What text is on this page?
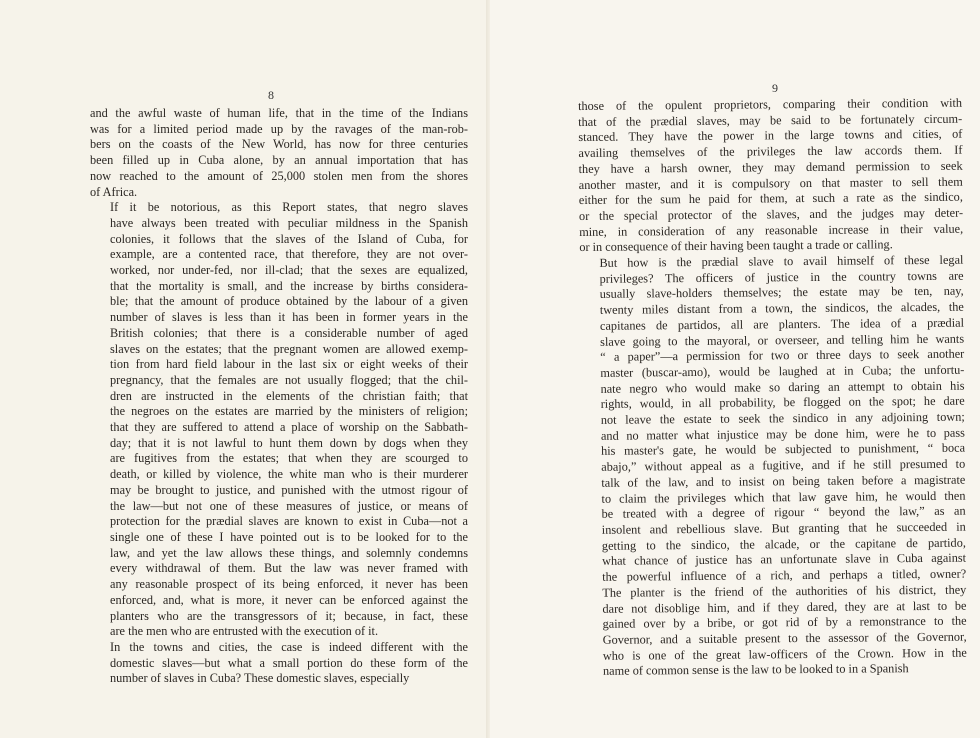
8

and the awful waste of human life, that in the time of the Indians
was for a limited period made up by the ravages of the man-rob-
bers on the coasts of the New World, has now for three centuries
been filled up in Cuba alone, by an annual importation that has
now reached to the amount of 25,000 stolen men from the shores
of Africa.

If it be notorious, as this Report states, that negro slaves
have always been treated with peculiar mildness in the Spanish
colonies, it follows that the slaves of the Island of Cuba, for
example, are a contented race, that therefore, they are not over-
worked, nor under-fed, nor ill-clad; that the sexes are equalized,
that the mortality is small, and the increase by births considera-
ble; that the amount of produce obtained by the labour of a given
number of slaves is less than it has been in former years in the
British colonies; that there is a considerable number of aged
slaves on the estates; that the pregnant women are allowed exemp-
tion from hard field labour in the last six or eight weeks of their
pregnancy, that the females are not usually flogged; that the chil-
dren are instructed in the elements of the christian faith; that
the negroes on the estates are married by the ministers of religion;
that they are suffered to attend a place of worship on the Sabbath-
day; that it is not lawful to hunt them down by dogs when they
are fugitives from the estates; that when they are scourged to
death, or killed by violence, the white man who is their murderer
may be brought to justice, and punished with the utmost rigour of
the law—but not one of these measures of justice, or means of
protection for the prædial slaves are known to exist in Cuba—not a
single one of these I have pointed out is to be looked for to the
law, and yet the law allows these things, and solemnly condemns
every withdrawal of them. But the law was never framed with
any reasonable prospect of its being enforced, it never has been
enforced, and, what is more, it never can be enforced against the
planters who are the transgressors of it; because, in fact, these
are the men who are entrusted with the execution of it.

In the towns and cities, the case is indeed different with the
domestic slaves—but what a small portion do these form of the
number of slaves in Cuba? These domestic slaves, especially

9

those of the opulent proprietors, comparing their condition with
that of the prædial slaves, may be said to be fortunately circum-
stanced. They have the power in the large towns and cities, of
availing themselves of the privileges the law accords them. If
they have a harsh owner, they may demand permission to seek
another master, and it is compulsory on that master to sell them
either for the sum he paid for them, at such a rate as the sindico,
or the special protector of the slaves, and the judges may deter-
mine, in consideration of any reasonable increase in their value,
or in consequence of their having been taught a trade or calling.

But how is the prædial slave to avail himself of these legal
privileges? The officers of justice in the country towns are
usually slave-holders themselves; the estate may be ten, nay,
twenty miles distant from a town, the sindicos, the alcades, the
capitanes de partidos, all are planters. The idea of a prædial
slave going to the mayoral, or overseer, and telling him he wants
“ a paper”—a permission for two or three days to seek another
master (buscar-amo), would be laughed at in Cuba; the unfortu-
nate negro who would make so daring an attempt to obtain his
rights, would, in all probability, be flogged on the spot; he dare
not leave the estate to seek the sindico in any adjoining town;
and no matter what injustice may be done him, were he to pass
his master's gate, he would be subjected to punishment, “ boca
abajo,” without appeal as a fugitive, and if he still presumed to
talk of the law, and to insist on being taken before a magistrate
to claim the privileges which that law gave him, he would then
be treated with a degree of rigour “ beyond the law,” as an
insolent and rebellious slave. But granting that he succeeded in
getting to the sindico, the alcade, or the capitane de partido,
what chance of justice has an unfortunate slave in Cuba against
the powerful influence of a rich, and perhaps a titled, owner?
The planter is the friend of the authorities of his district, they
dare not disoblige him, and if they dared, they are at last to be
gained over by a bribe, or got rid of by a remonstrance to the
Governor, and a suitable present to the assessor of the Governor,
who is one of the great law-officers of the Crown. How in the
name of common sense is the law to be looked to in a Spanish
